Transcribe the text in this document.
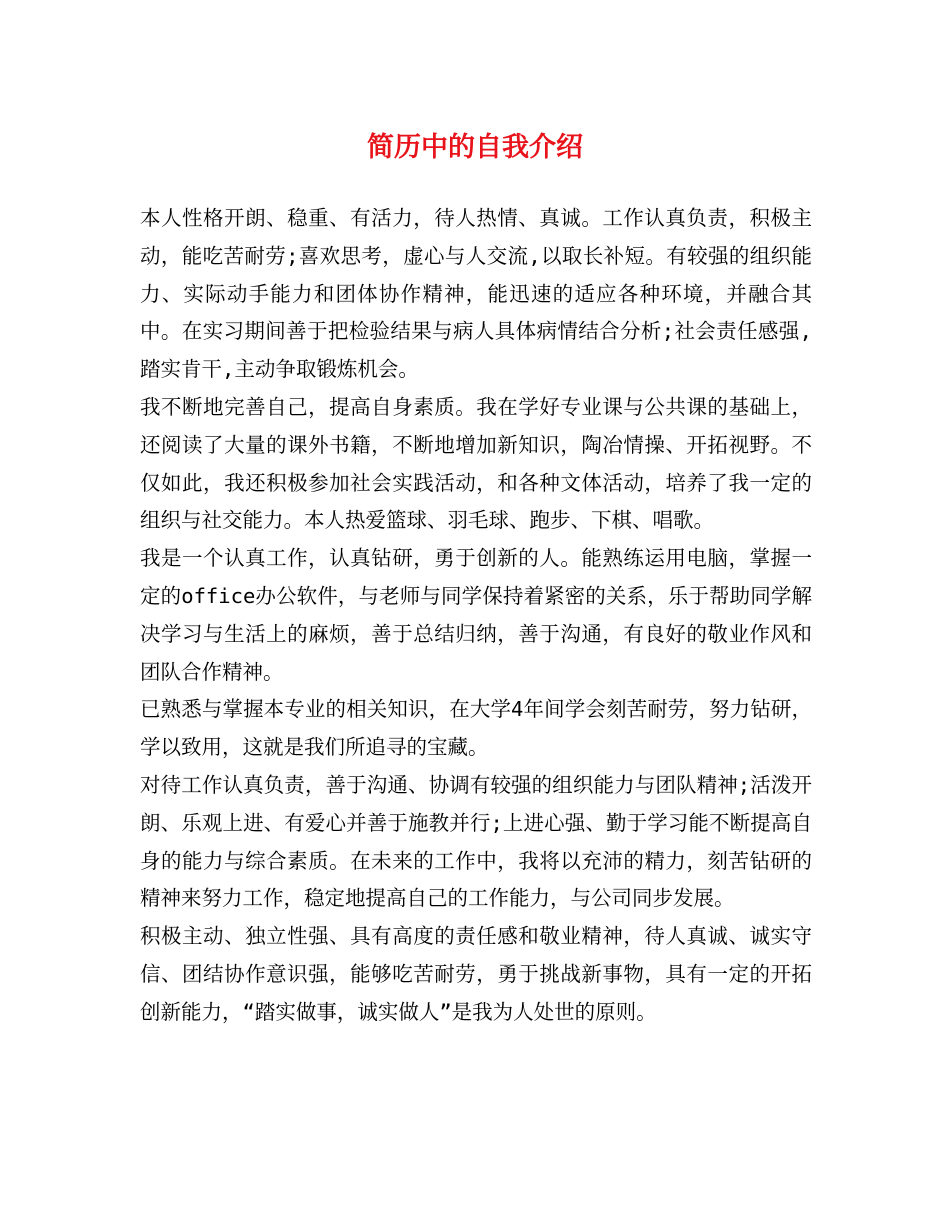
简历中的自我介绍

本人性格开朗、稳重、有活力，待人热情、真诚。工作认真负责，积极主动，能吃苦耐劳;喜欢思考，虚心与人交流,以取长补短。有较强的组织能力、实际动手能力和团体协作精神，能迅速的适应各种环境，并融合其中。在实习期间善于把检验结果与病人具体病情结合分析;社会责任感强,踏实肯干,主动争取锻炼机会。

我不断地完善自己，提高自身素质。我在学好专业课与公共课的基础上，还阅读了大量的课外书籍，不断地增加新知识，陶冶情操、开拓视野。不仅如此，我还积极参加社会实践活动，和各种文体活动，培养了我一定的组织与社交能力。本人热爱篮球、羽毛球、跑步、下棋、唱歌。

我是一个认真工作，认真钻研，勇于创新的人。能熟练运用电脑，掌握一定的office办公软件，与老师与同学保持着紧密的关系，乐于帮助同学解决学习与生活上的麻烦，善于总结归纳，善于沟通，有良好的敬业作风和团队合作精神。

已熟悉与掌握本专业的相关知识，在大学4年间学会刻苦耐劳，努力钻研，学以致用，这就是我们所追寻的宝藏。

对待工作认真负责，善于沟通、协调有较强的组织能力与团队精神;活泼开朗、乐观上进、有爱心并善于施教并行;上进心强、勤于学习能不断提高自身的能力与综合素质。在未来的工作中，我将以充沛的精力，刻苦钻研的精神来努力工作，稳定地提高自己的工作能力，与公司同步发展。

积极主动、独立性强、具有高度的责任感和敬业精神，待人真诚、诚实守信、团结协作意识强，能够吃苦耐劳，勇于挑战新事物，具有一定的开拓创新能力，“踏实做事，诚实做人”是我为人处世的原则。
